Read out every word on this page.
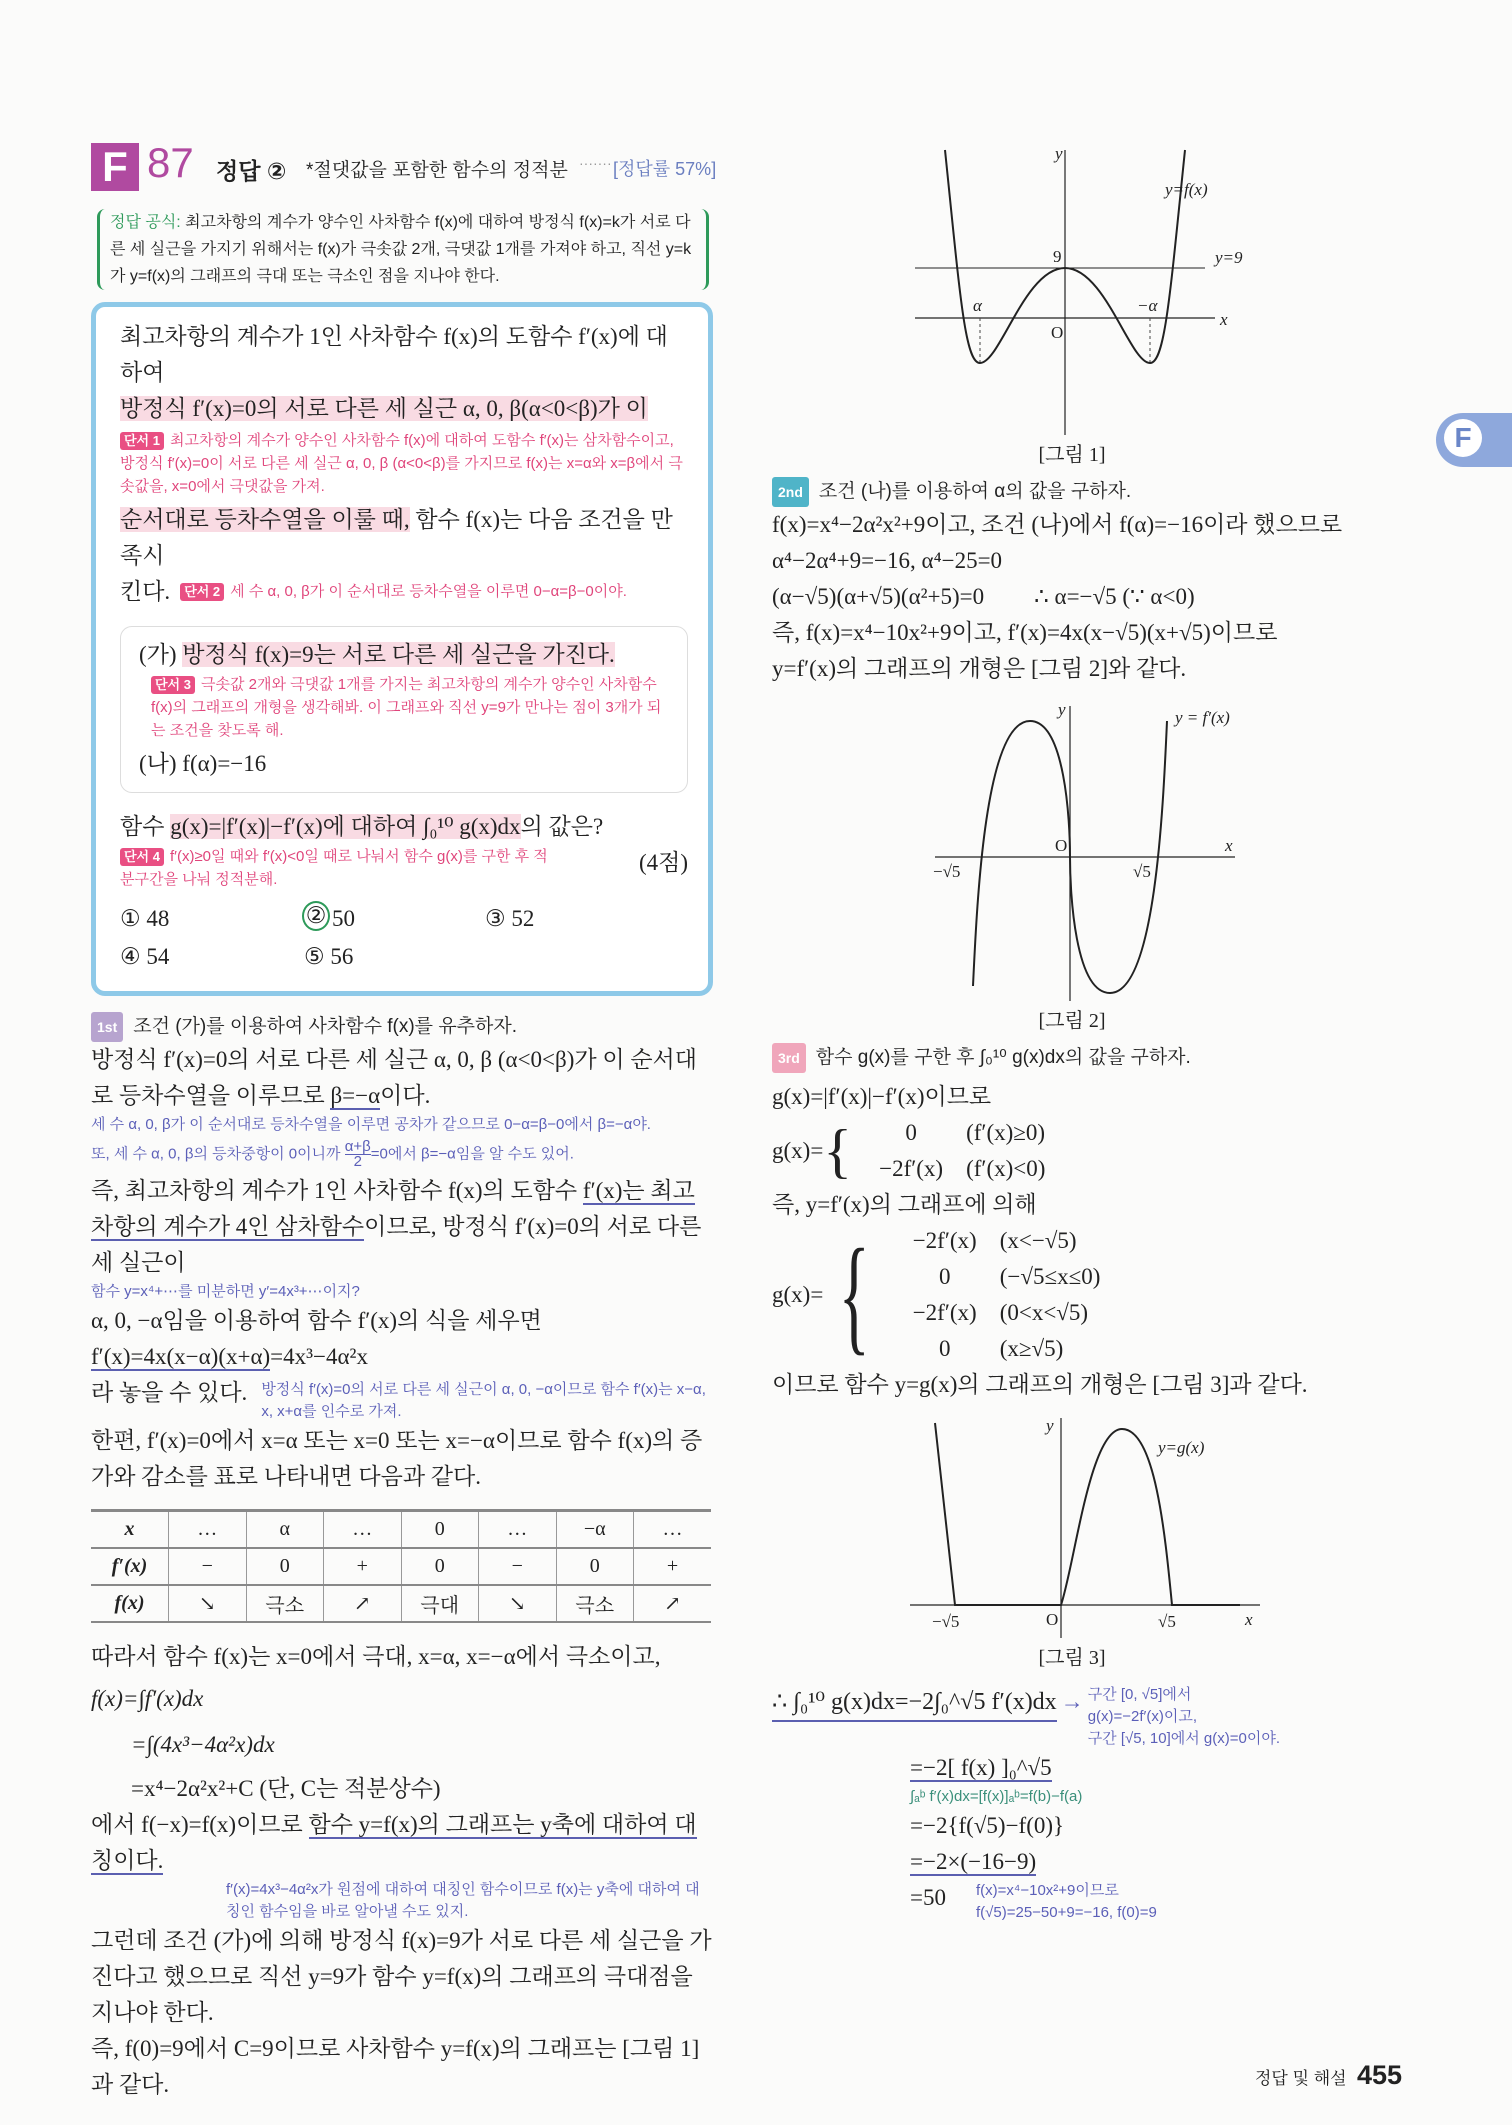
F 87 정답 ② *절댓값을 포함한 함수의 정적분 ······· [정답률 57%]
정답 공식: 최고차항의 계수가 양수인 사차함수 f(x)에 대하여 방정식 f(x)=k가 서로 다른 세 실근을 가지기 위해서는 f(x)가 극솟값 2개, 극댓값 1개를 가져야 하고, 직선 y=k가 y=f(x)의 그래프의 극대 또는 극소인 점을 지나야 한다.
최고차항의 계수가 1인 사차함수 f(x)의 도함수 f′(x)에 대하여
방정식 f′(x)=0의 서로 다른 세 실근 α, 0, β(α<0<β)가 이
단서 1 최고차항의 계수가 양수인 사차함수 f(x)에 대하여 도함수 f′(x)는 삼차함수이고, 방정식 f′(x)=0이 서로 다른 세 실근 α, 0, β (α<0<β)를 가지므로 f(x)는 x=α와 x=β에서 극솟값을, x=0에서 극댓값을 가져.
순서대로 등차수열을 이룰 때, 함수 f(x)는 다음 조건을 만족시
킨다.	단서 2 세 수 α, 0, β가 이 순서대로 등차수열을 이루면 0−α=β−0이야.
(가) 방정식 f(x)=9는 서로 다른 세 실근을 가진다.
단서 3 극솟값 2개와 극댓값 1개를 가지는 최고차항의 계수가 양수인 사차함수 f(x)의 그래프의 개형을 생각해봐. 이 그래프와 직선 y=9가 만나는 점이 3개가 되는 조건을 찾도록 해.
(나) f(α)=−16
함수 g(x)=|f′(x)|−f′(x)에 대하여 ∫₀¹⁰ g(x)dx의 값은?
단서 4 f′(x)≥0일 때와 f′(x)<0일 때로 나눠서 함수 g(x)를 구한 후 적분구간을 나눠 정적분해.
(4점)
① 48	② 50	③ 52
④ 54	⑤ 56
1st 조건 (가)를 이용하여 사차함수 f(x)를 유추하자.
방정식 f′(x)=0의 서로 다른 세 실근 α, 0, β (α<0<β)가 이 순서대로 등차수열을 이루므로 β=−α이다.
세 수 α, 0, β가 이 순서대로 등차수열을 이루면 공차가 같으므로 0−α=β−0에서 β=−α야.
또, 세 수 α, 0, β의 등차중항이 0이니까 $\frac{\alpha+\beta}{2} =0$에서 β=−α임을 알 수도 있어.
즉, 최고차항의 계수가 1인 사차함수 f(x)의 도함수 f′(x)는 최고차항의 계수가 4인 삼차함수이므로, 방정식 f′(x)=0의 서로 다른 세 실근이
함수 y=x⁴+⋯를 미분하면 y′=4x³+⋯이지?
α, 0, −α임을 이용하여 함수 f′(x)의 식을 세우면
f′(x)=4x(x−α)(x+α)=4x³−4α²x
라 놓을 수 있다. 방정식 f′(x)=0의 서로 다른 세 실근이 α, 0, −α이므로 함수 f′(x)는 x−α, x, x+α를 인수로 가져.
한편, f′(x)=0에서 x=α 또는 x=0 또는 x=−α이므로 함수 f(x)의 증가와 감소를 표로 나타내면 다음과 같다.
x	…	α	…	0	…	−α	…
f′(x)	−	0	+	0	−	0	+
f(x)	↘	극소	↗	극대	↘	극소	↗
따라서 함수 f(x)는 x=0에서 극대, x=α, x=−α에서 극소이고,
f(x)=∫f′(x)dx
=∫(4x³−4α²x)dx
=x⁴−2α²x²+C (단, C는 적분상수)
에서 f(−x)=f(x)이므로 함수 y=f(x)의 그래프는 y축에 대하여 대칭이다.
f′(x)=4x³−4α²x가 원점에 대하여 대칭인 함수이므로 f(x)는 y축에 대하여 대칭인 함수임을 바로 알아낼 수도 있지.
그런데 조건 (가)에 의해 방정식 f(x)=9가 서로 다른 세 실근을 가진다고 했으므로 직선 y=9가 함수 y=f(x)의 그래프의 극대점을 지나야 한다.
즉, f(0)=9에서 C=9이므로 사차함수 y=f(x)의 그래프는 [그림 1]과 같다.
y
x
O
9
α	−α
y=f(x)
y=9
[그림 1]
2nd 조건 (나)를 이용하여 α의 값을 구하자.
f(x)=x⁴−2α²x²+9이고, 조건 (나)에서 f(α)=−16이라 했으므로
α⁴−2α⁴+9=−16, α⁴−25=0
(α−√5)(α+√5)(α²+5)=0 ∴ α=−√5 (∵ α<0)
즉, f(x)=x⁴−10x²+9이고, f′(x)=4x(x−√5)(x+√5)이므로
y=f′(x)의 그래프의 개형은 [그림 2]와 같다.
y
x
O
−√5	√5
y = f′(x)
[그림 2]
3rd 함수 g(x)를 구한 후 ∫₀¹⁰ g(x)dx의 값을 구하자.
g(x)=|f′(x)|−f′(x)이므로
g(x)= {	0	(f′(x)≥0)
−2f′(x)	(f′(x)<0)
즉, y=f′(x)의 그래프에 의해
g(x)= {	−2f′(x)	(x<−√5)
0	(−√5≤x≤0)
−2f′(x)	(0<x<√5)
0	(x≥√5)
이므로 함수 y=g(x)의 그래프의 개형은 [그림 3]과 같다.
y
x
O
−√5	√5
y=g(x)
[그림 3]
∴ ∫₀¹⁰ g(x)dx=−2∫₀^√5 f′(x)dx → 구간 [0, √5]에서
g(x)=−2f′(x)이고,
구간 [√5, 10]에서 g(x)=0이야.
=−2[ f(x) ]₀^√5
∫ₐᵇ f′(x)dx=[f(x)]ₐᵇ=f(b)−f(a)
=−2{f(√5)−f(0)}
=−2×(−16−9)
=50 f(x)=x⁴−10x²+9이므로
f(√5)=25−50+9=−16, f(0)=9
F
정답 및 해설 455
